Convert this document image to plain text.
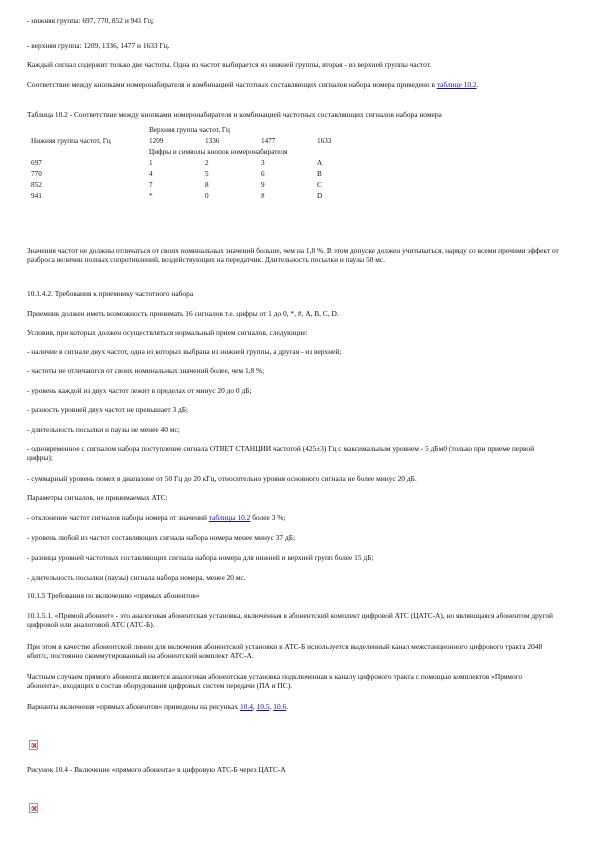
- нижняя группа: 697, 770, 852 и 941 Гц;

- верхняя группа: 1209, 1336, 1477 и 1633 Гц.

Каждый сигнал содержит только две частоты. Одна из частот выбирается из нижней группы, вторая - из верхней группы частот.

Соответствие между кнопками номеронабирателя и комбинацией частотных составляющих сигналов набора номера приведено в таблице 10.2.

Таблица 10.2 - Соответствие между кнопками номеронабирателя и комбинацией частотных составляющих сигналов набора номера

	Верхняя группа частот, Гц			
Нижняя группа частот, Гц	1209	1336	1477	1633
	Цифры и символы кнопок номеронабирателя			
697	1	2	3	A
770	4	5	6	B
852	7	8	9	C
941	*	0	#	D

Значения частот не должны отличаться от своих номинальных значений больше, чем на 1,8 %. В этом допуске должен учитываться, наряду со всеми прочими эффект от разброса величин полных сопротивлений, воздействующих на передатчик. Длительность посылки и паузы 50 мс.

10.1.4.2. Требования к приемнику частотного набора

Приемник должен иметь возможность принимать 16 сигналов т.е. цифры от 1 до 0, *, #, A, B, C, D.

Условия, при которых должен осуществляться нормальный прием сигналов, следующие:

- наличие в сигнале двух частот, одна из которых выбрана из нижней группы, а другая - из верхней;

- частоты не отличаются от своих номинальных значений более, чем 1,8 %;

- уровень каждой из двух частот лежит в пределах от минус 20 до 0 дБ;

- разность уровней двух частот не превышает 3 дБ;

- длительность посылки и паузы не менее 40 мс;

- одновременное с сигналом набора поступление сигнала ОТВЕТ СТАНЦИИ частотой (425±3) Гц с максимальным уровнем - 5 дБм0 (только при приеме первой цифры);

- суммарный уровень помех в диапазоне от 50 Гц до 20 кГц, относительно уровня основного сигнала не более минус 20 дБ.

Параметры сигналов, не принимаемых АТС:

- отклонение частот сигналов набора номера от значений таблицы 10.2 более 3 %;

- уровень любой из частот составляющих сигнала набора номера менее минус 37 дБ;

- разница уровней частотных составляющих сигнала набора номера для нижней и верхней групп более 15 дБ;

- длительность посылки (паузы) сигнала набора номера, менее 20 мс.

10.1.5 Требования по включению «прямых абонентов»

10.1.5.1. «Прямой абонент» - это аналоговая абонентская установка, включенная в абонентский комплект цифровой АТС (ЦАТС-А), но являющаяся абонентом другой цифровой или аналоговой АТС (АТС-Б).

При этом в качестве абонентской линии для включения абонентской установки в АТС-Б используется выделенный канал межстанционного цифрового тракта 2048 кбит/с, постоянно скоммутированный на абонентский комплект АТС-А.

Частным случаем прямого абонента является аналоговая абонентская установка подключенная к каналу цифрового тракта с помощью комплектов «Прямого абонента», входящих в состав оборудования цифровых систем передачи (ПА и ПС).

Варианты включения «прямых абонентов» приведены на рисунках 10.4, 10.5, 10.6.

×

Рисунок 10.4 - Включение «прямого абонента» в цифровую АТС-Б через ЦАТС-А

×
